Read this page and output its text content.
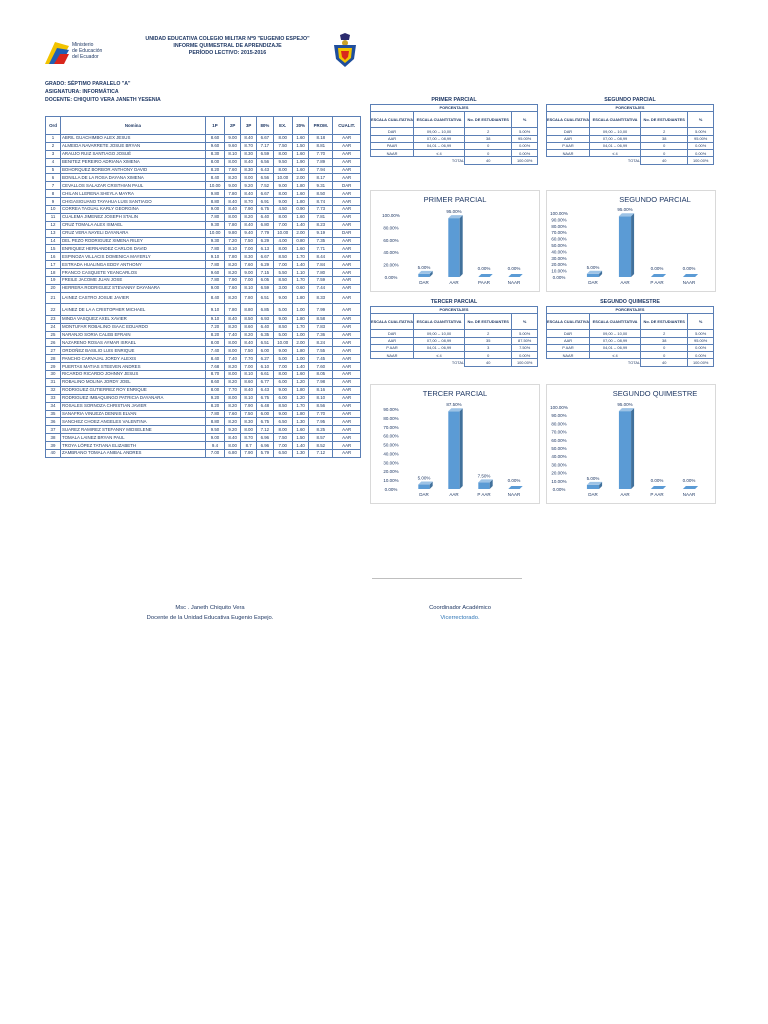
Ministerio
de Educación
del Ecuador
UNIDAD EDUCATIVA COLEGIO MILITAR Nº9 "EUGENIO ESPEJO"
INFORME QUIMESTRAL DE APRENDIZAJE
PERÍODO LECTIVO: 2015-2016
GRADO: SÉPTIMO PARALELO "A"
ASIGNATURA: INFORMÁTICA
DOCENTE: CHIQUITO VERA JANETH YESENIA
Ord	Nomina	1P	2P	3P	80%	EX.	20%	PROM.	CUALIT.
1	ABRIL GUACHIMBO ALEX JESUS	8.60	9.00	8.40	6.67	8.00	1.60	8.18	AAR
2	ALMEIDA NAVARRETE JOSUE BRYAN	9.60	9.60	8.70	7.17	7.50	1.50	8.81	AAR
3	ARAUJO RUIZ SANTIAGO JOSUÉ	8.30	8.10	8.30	6.59	8.00	1.60	7.70	AAR
4	BENITEZ PEREIRO ADRIANA XIMENA	8.00	8.00	8.40	6.56	9.50	1.90	7.89	AAR
5	BOHORQUEZ BORBOR ANTHONY DAVID	8.20	7.60	8.30	6.43	8.00	1.60	7.94	AAR
6	BONILLA DE LA ROSA DAYANA XIMENA	8.40	8.20	8.00	6.56	10.00	2.00	8.17	AAR
7	CEVALLOS SALAZAR CRISTHIAN PAUL	10.00	9.00	9.20	7.52	9.00	1.80	9.31	DAR
8	CHILAN LLERENA SHEYLA MAYRA	9.80	7.80	8.40	6.67	8.00	1.60	8.50	AAR
9	CHIGASIGUANO TAYAHUA LUIS SANTIAGO	8.80	8.40	8.70	6.91	9.00	1.80	8.74	AAR
10	CORREA TAGUAL KARLY GEORGINA	9.00	8.40	7.90	6.75	4.50	0.90	7.73	AAR
11	CUALEMA JIMENEZ JOSEPH STALIN	7.80	8.00	8.20	6.40	8.00	1.60	7.81	AAR
12	CRUZ TOMALA ALEX ISMAEL	9.30	7.80	8.40	6.80	7.00	1.40	8.23	AAR
13	CRUZ VERA NAYELI DAYANARA	10.00	9.80	9.40	7.79	10.00	2.00	9.19	DAR
14	DEL PEZO RODRIGUEZ XIMENA RILEY	9.30	7.20	7.50	6.29	4.00	0.80	7.35	AAR
15	ENRIQUEZ HERNANDEZ CARLOS DAVID	7.80	8.10	7.00	6.13	8.00	1.60	7.71	AAR
16	ESPINOZA VILLACIS DOMENICA MAYERLY	9.10	7.80	8.30	6.67	8.50	1.70	8.44	AAR
17	ESTRADA HUALINGA EDDY ANTHONY	7.80	8.20	7.60	6.29	7.00	1.40	7.84	AAR
18	FRANCO CASQUETE YEANCARLOS	9.60	8.20	9.00	7.15	5.50	1.10	7.80	AAR
19	FREILE JACOME JUAN JOSE	7.80	7.90	7.00	6.05	8.50	1.70	7.59	AAR
20	HERRERA RODRIGUEZ STEVANNY DAYANARA	9.00	7.60	8.10	6.59	3.00	0.60	7.44	AAR
21	LAINEZ CASTRO JOSUE JAVIER	8.40	8.20	7.80	6.51	9.00	1.80	8.33	AAR
22	LAINEZ DE LA A CRISTOPHER MICHAEL	9.10	7.80	8.80	6.85	5.00	1.00	7.99	AAR
23	MINDA VASQUEZ AXEL XAVIER	9.10	8.40	8.50	6.93	9.00	1.80	8.58	AAR
24	MONTUFAR ROBALINO ISAAC EDUARDO	7.20	8.20	8.60	6.40	8.50	1.70	7.83	AAR
25	NARANJO SORIA CALEB EFRAIN	8.20	7.40	8.20	6.35	5.00	1.00	7.36	AAR
26	NAZARENO ROSAS AYMAR ISRAEL	8.00	8.00	8.40	6.51	10.00	2.00	8.24	AAR
27	ORDOÑEZ BASILIO LUIS ENRIQUE	7.40	8.00	7.50	6.00	9.00	1.80	7.55	AAR
28	PANCHO CARVAJAL JORDY ALEXIS	8.40	7.40	7.70	6.27	5.00	1.00	7.45	AAR
29	PUERTAS MATIAS STEEVEN ANDRES	7.68	8.20	7.00	6.10	7.00	1.40	7.60	AAR
30	RICARDO RICARDO JOHNNY JESUS	8.70	8.00	8.10	6.61	8.00	1.60	8.05	AAR
31	ROBALINO MOLINA JORDY JOEL	8.60	8.20	8.60	6.77	6.00	1.20	7.98	AAR
32	RODRIGUEZ GUTIERREZ ROY ENRIQUE	8.00	7.70	8.40	6.43	9.00	1.80	8.16	AAR
33	RODRIGUEZ IMBAQUINGO PATRICIA DAYANARA	9.20	8.00	8.10	6.75	6.00	1.20	8.10	AAR
34	ROSALES SORNOZA CHRISTIAN JAVIER	8.20	8.20	7.90	6.48	8.50	1.70	8.56	AAR
35	SANAFRIA VINUEZA DENNIS ELVAN	7.80	7.60	7.50	6.00	9.00	1.80	7.70	AAR
36	SANCHEZ CHOEZ ANGELES VALENTINA	8.80	8.20	8.30	6.75	6.50	1.30	7.95	AAR
37	SUAREZ RAMIREZ STEFANNY MIDSELENE	9.50	9.20	8.00	7.12	8.00	1.60	8.25	AAR
38	TOMALA LAINEZ BRYAN PAUL	9.00	8.40	8.70	6.96	7.50	1.50	8.57	AAR
39	TROYA LÓPEZ TATIANA ELIZABETH	9.4	8.00	8.7	6.96	7.00	1.40	8.52	AAR
40	ZAMBRANO TOMALA ANIBAL ANDRES	7.00	6.80	7.90	5.79	6.50	1.30	7.12	AAR
PRIMER PARCIAL	SEGUNDO PARCIAL
TERCER PARCIAL	SEGUNDO QUIMESTRE
PORCENTAJES			
ESCALA CUALITATIVA	ESCALA CUANTITATIVA	No. DE ESTUDIANTES	%
DAR	09,00 -- 10,00	2	5.00%
AAR	07,00 -- 08,99	38	95.00%
PAAR	04,01 -- 06,99	0	0.00%
NAAR	≤ 4	0	0.00%
TOTAL		40	100.00%
PORCENTAJES			
ESCALA CUALITATIVA	ESCALA CUANTITATIVA	No. DE ESTUDIANTES	%
DAR	09,00 -- 10,00	2	5.00%
AAR	07,00 -- 08,99	38	95.00%
P AAR	04,01 -- 06,99	0	0.00%
NAAR	≤ 4	0	0.00%
TOTAL		40	100.00%
PORCENTAJES			
ESCALA CUALITATIVA	ESCALA CUANTITATIVA	No. DE ESTUDIANTES	%
DAR	09,00 -- 10,00	2	5.00%
AAR	07,00 -- 08,99	35	87.50%
P AAR	04,01 -- 06,99	3	7.50%
NAAR	≤ 4	0	0.00%
TOTAL		40	100.00%
PORCENTAJES			
ESCALA CUALITATIVA	ESCALA CUANTITATIVA	No. DE ESTUDIANTES	%
DAR	09,00 -- 10,00	2	5.00%
AAR	07,00 -- 08,99	38	95.00%
P AAR	04,01 -- 06,99	0	0.00%
NAAR	≤ 4	0	0.00%
TOTAL		40	100.00%
PRIMER PARCIAL
100.00%
80.00%
60.00%
40.00%
20.00%
0.00%
5.00%
DAR
95.00%
AAR
0.00%
PAAR
0.00%
NAAR
SEGUNDO PARCIAL
100.00%
90.00%
80.00%
70.00%
60.00%
50.00%
40.00%
30.00%
20.00%
10.00%
0.00%
5.00%
DAR
95.00%
AAR
0.00%
P AAR
0.00%
NAAR
TERCER PARCIAL
90.00%
80.00%
70.00%
60.00%
50.00%
40.00%
30.00%
20.00%
10.00%
0.00%
5.00%
DAR
87.50%
AAR
7.50%
P AAR
0.00%
NAAR
SEGUNDO QUIMESTRE
100.00%
90.00%
80.00%
70.00%
60.00%
50.00%
40.00%
30.00%
20.00%
10.00%
0.00%
5.00%
DAR
95.00%
AAR
0.00%
P AAR
0.00%
NAAR
Msc . Janeth Chiquito Vera
Docente de la Unidad Educativa Eugenio Espejo.
Coordinador Académico
Vicerrectorado.
